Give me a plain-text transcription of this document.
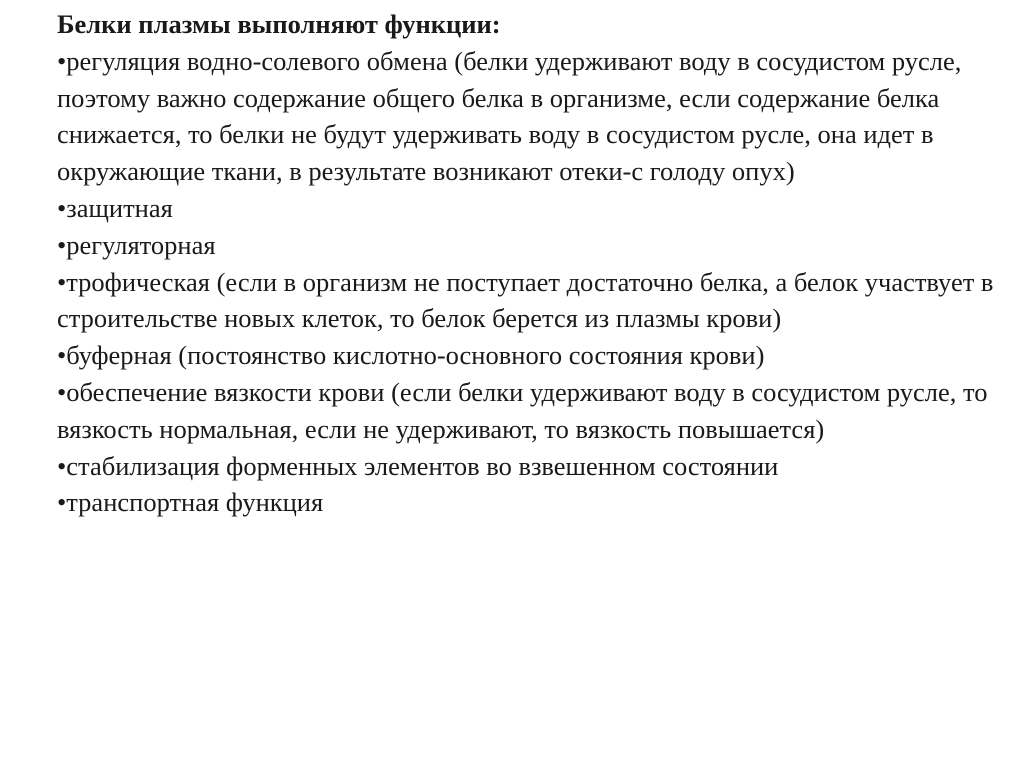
Белки плазмы выполняют функции:
•регуляция водно-солевого обмена (белки удерживают воду в сосудистом русле, поэтому важно содержание общего белка в организме, если содержание белка снижается, то белки не будут удерживать воду в сосудистом русле, она идет в окружающие ткани, в результате возникают отеки-с голоду опух)
•защитная
•регуляторная
•трофическая (если в организм не поступает достаточно белка, а белок участвует в строительстве новых клеток, то белок берется из плазмы крови)
•буферная (постоянство кислотно-основного состояния крови)
•обеспечение вязкости крови (если белки удерживают воду в сосудистом русле, то вязкость нормальная, если не удерживают, то вязкость повышается)
•стабилизация форменных элементов во взвешенном состоянии
•транспортная функция
